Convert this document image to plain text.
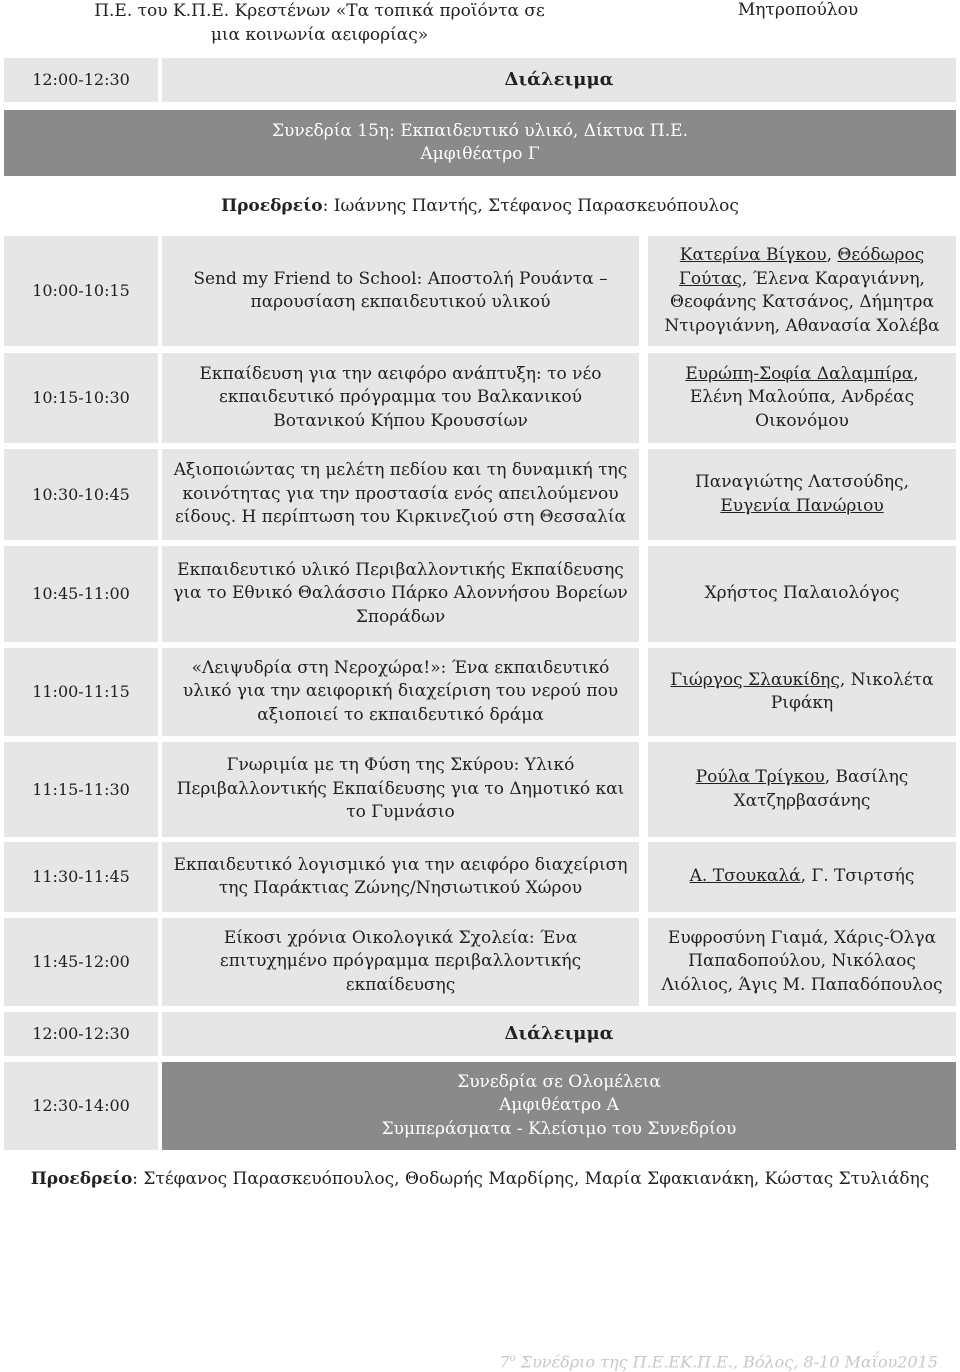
Π.Ε. του Κ.Π.Ε. Κρεστένων «Τα τοπικά προϊόντα σε
μια κοινωνία αειφορίας»
Μητροπούλου
12:00-12:30	Διάλειμμα
Συνεδρία 15η: Εκπαιδευτικό υλικό, Δίκτυα Π.Ε.
Αμφιθέατρο Γ
Προεδρείο: Ιωάννης Παντής, Στέφανος Παρασκευόπουλος
10:00-10:15
Send my Friend to School: Αποστολή Ρουάντα –
παρουσίαση εκπαιδευτικού υλικού
Κατερίνα Βίγκου, Θεόδωρος
Γούτας, Έλενα Καραγιάννη,
Θεοφάνης Κατσάνος, Δήμητρα
Ντιρογιάννη, Αθανασία Χολέβα
10:15-10:30
Εκπαίδευση για την αειφόρο ανάπτυξη: το νέο
εκπαιδευτικό πρόγραμμα του Βαλκανικού
Βοτανικού Κήπου Κρουσσίων
Ευρώπη-Σοφία Δαλαμπίρα,
Ελένη Μαλούπα, Ανδρέας
Οικονόμου
10:30-10:45
Αξιοποιώντας τη μελέτη πεδίου και τη δυναμική της
κοινότητας για την προστασία ενός απειλούμενου
είδους. Η περίπτωση του Κιρκινεζιού στη Θεσσαλία
Παναγιώτης Λατσούδης,
Ευγενία Πανώριου
10:45-11:00
Εκπαιδευτικό υλικό Περιβαλλοντικής Εκπαίδευσης
για το Εθνικό Θαλάσσιο Πάρκο Αλοννήσου Βορείων
Σποράδων
Χρήστος Παλαιολόγος
11:00-11:15
«Λειψυδρία στη Νεροχώρα!»: Ένα εκπαιδευτικό
υλικό για την αειφορική διαχείριση του νερού που
αξιοποιεί το εκπαιδευτικό δράμα
Γιώργος Σλαυκίδης, Νικολέτα
Ριφάκη
11:15-11:30
Γνωριμία με τη Φύση της Σκύρου: Υλικό
Περιβαλλοντικής Εκπαίδευσης για το Δημοτικό και
το Γυμνάσιο
Ρούλα Τρίγκου, Βασίλης
Χατζηρβασάνης
11:30-11:45
Εκπαιδευτικό λογισμικό για την αειφόρο διαχείριση
της Παράκτιας Ζώνης/Νησιωτικού Χώρου
Α. Τσουκαλά, Γ. Τσιρτσής
11:45-12:00
Είκοσι χρόνια Οικολογικά Σχολεία: Ένα
επιτυχημένο πρόγραμμα περιβαλλοντικής
εκπαίδευσης
Ευφροσύνη Γιαμά, Χάρις-Όλγα
Παπαδοπούλου, Νικόλαος
Λιόλιος, Άγις Μ. Παπαδόπουλος
12:00-12:30	Διάλειμμα
12:30-14:00
Συνεδρία σε Ολομέλεια
Αμφιθέατρο Α
Συμπεράσματα - Κλείσιμο του Συνεδρίου
Προεδρείο: Στέφανος Παρασκευόπουλος, Θοδωρής Μαρδίρης, Μαρία Σφακιανάκη, Κώστας Στυλιάδης
$7^o$ Συνέδριο της Π.Ε.ΕΚ.Π.Ε., Βόλος, 8-10 Μαΐου2015
